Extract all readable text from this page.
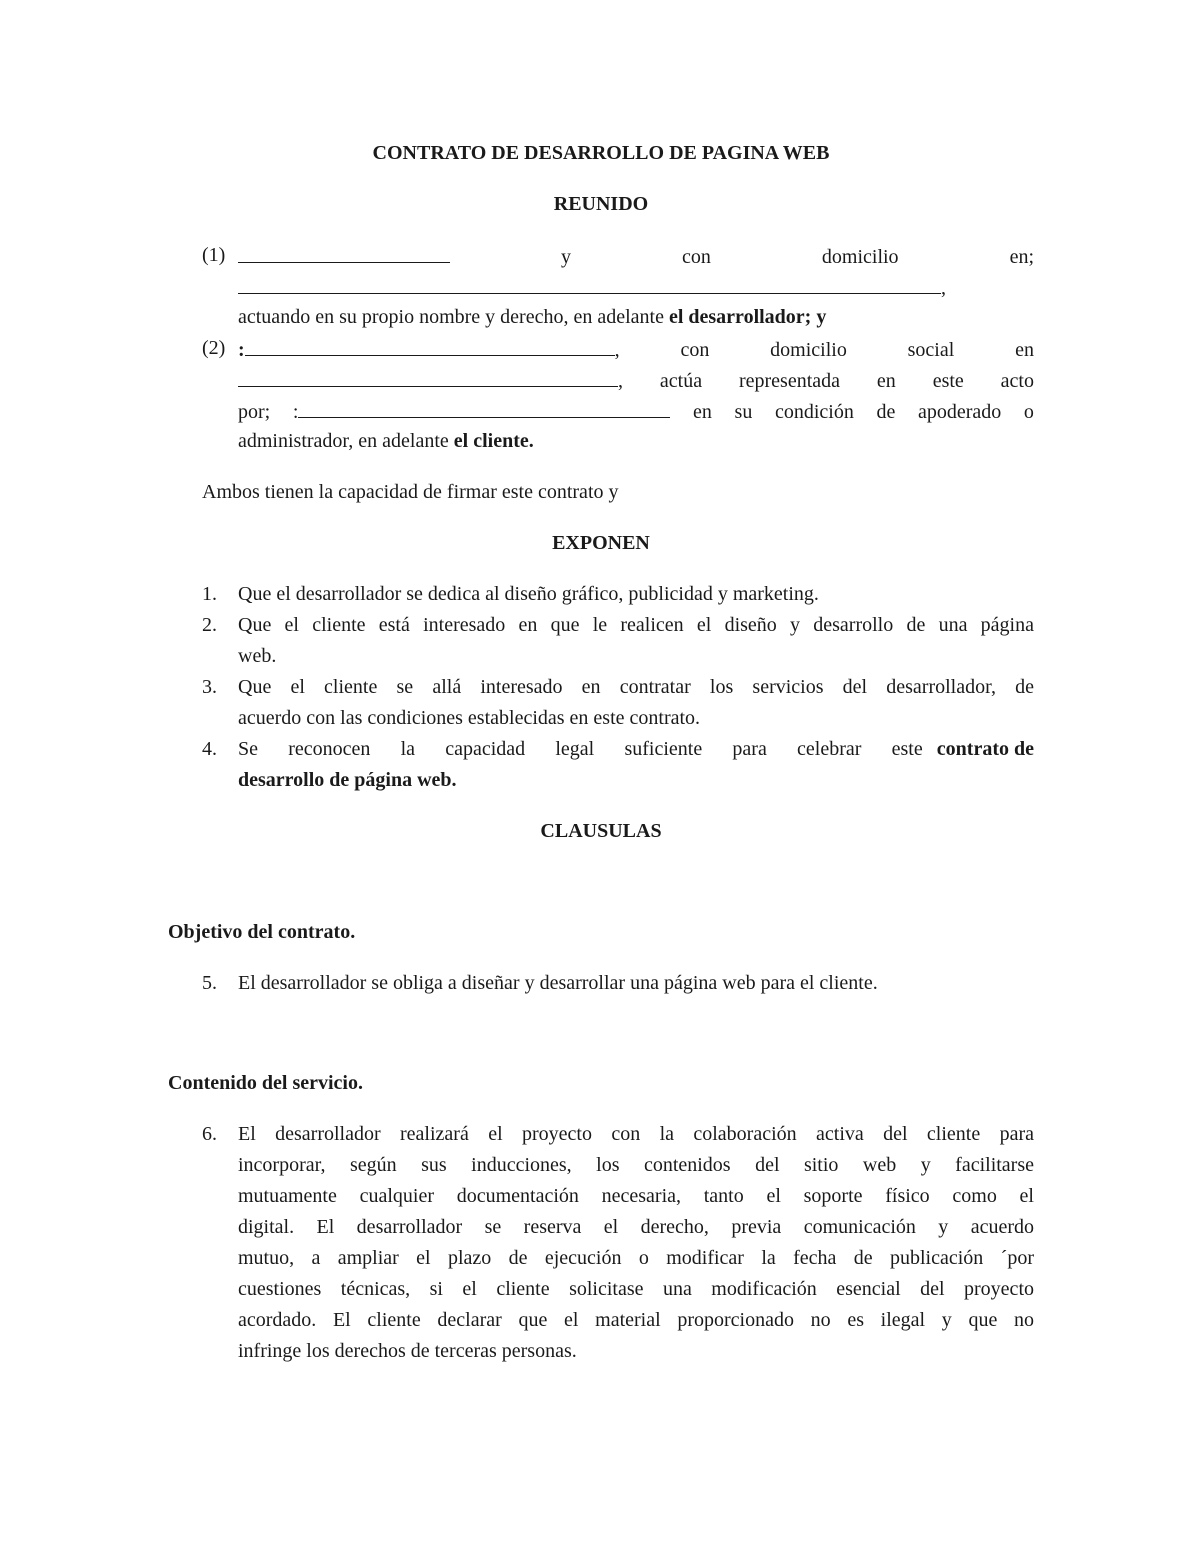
CONTRATO DE DESARROLLO DE PAGINA WEB
REUNIDO
(1)	y	con	domicilio	en;
,
actuando en su propio nombre y derecho, en adelante el desarrollador; y
(2) :	,	con	domicilio	social	en
, actúa representada en este acto
por; :	en su condición de apoderado o
administrador, en adelante el cliente.
Ambos tienen la capacidad de firmar este contrato y
EXPONEN
1. Que el desarrollador se dedica al diseño gráfico, publicidad y marketing.
2. Que el cliente está interesado en que le realicen el diseño y desarrollo de una página
web.
3. Que el cliente se allá interesado en contratar los servicios del desarrollador, de
acuerdo con las condiciones establecidas en este contrato.
4. Se reconocen la capacidad legal suficiente para celebrar este contrato de
desarrollo de página web.
CLAUSULAS
Objetivo del contrato.
5. El desarrollador se obliga a diseñar y desarrollar una página web para el cliente.
Contenido del servicio.
6. El desarrollador realizará el proyecto con la colaboración activa del cliente para
incorporar, según sus inducciones, los contenidos del sitio web y facilitarse
mutuamente cualquier documentación necesaria, tanto el soporte físico como el
digital. El desarrollador se reserva el derecho, previa comunicación y acuerdo
mutuo, a ampliar el plazo de ejecución o modificar la fecha de publicación ´por
cuestiones técnicas, si el cliente solicitase una modificación esencial del proyecto
acordado. El cliente declarar que el material proporcionado no es ilegal y que no
infringe los derechos de terceras personas.
